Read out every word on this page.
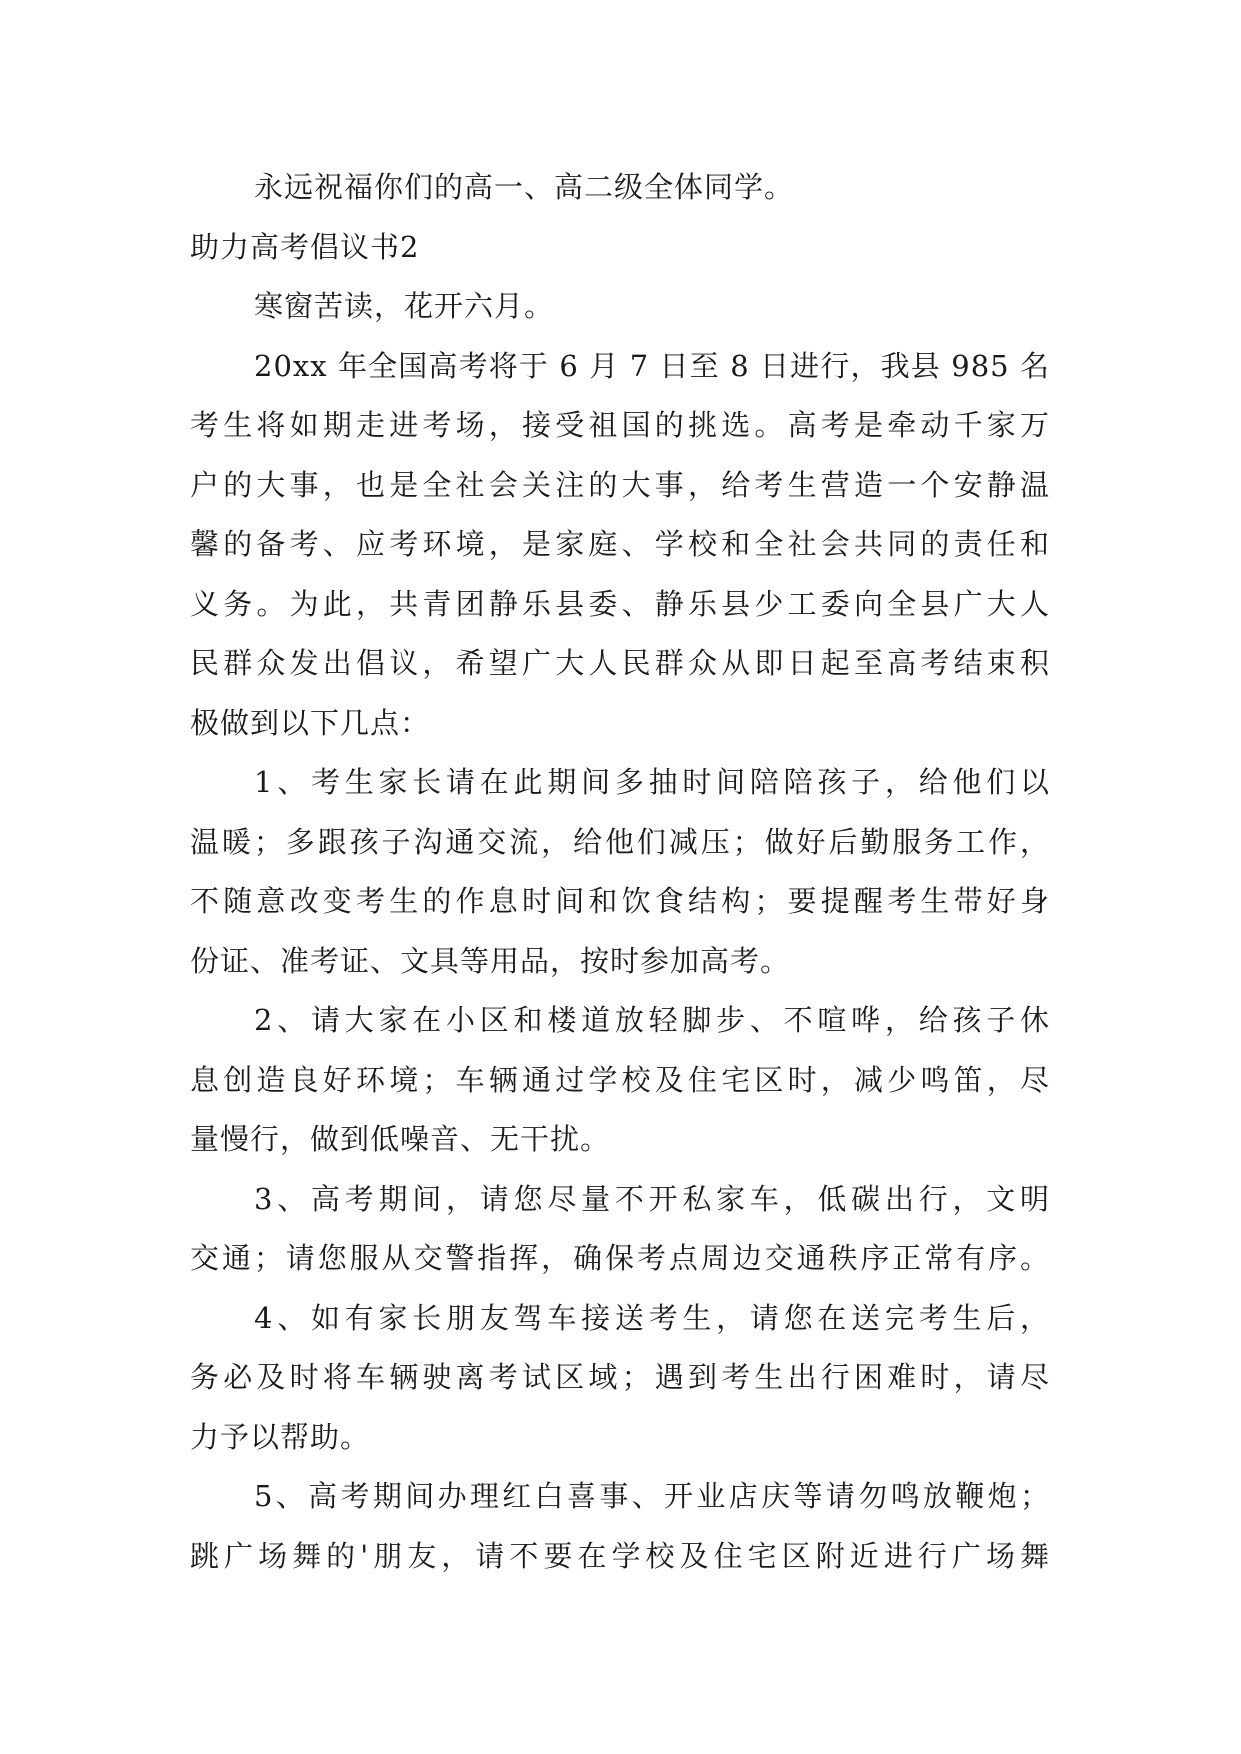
永远祝福你们的高一、高二级全体同学。
助力高考倡议书2
寒窗苦读，花开六月。
20xx 年全国高考将于 6 月 7 日至 8 日进行，我县 985 名
考生将如期走进考场，接受祖国的挑选。高考是牵动千家万
户的大事，也是全社会关注的大事，给考生营造一个安静温
馨的备考、应考环境，是家庭、学校和全社会共同的责任和
义务。为此，共青团静乐县委、静乐县少工委向全县广大人
民群众发出倡议，希望广大人民群众从即日起至高考结束积
极做到以下几点：
1、考生家长请在此期间多抽时间陪陪孩子，给他们以
温暖；多跟孩子沟通交流，给他们减压；做好后勤服务工作，
不随意改变考生的作息时间和饮食结构；要提醒考生带好身
份证、准考证、文具等用品，按时参加高考。
2、请大家在小区和楼道放轻脚步、不喧哗，给孩子休
息创造良好环境；车辆通过学校及住宅区时，减少鸣笛，尽
量慢行，做到低噪音、无干扰。
3、高考期间，请您尽量不开私家车，低碳出行，文明
交通；请您服从交警指挥，确保考点周边交通秩序正常有序。
4、如有家长朋友驾车接送考生，请您在送完考生后，
务必及时将车辆驶离考试区域；遇到考生出行困难时，请尽
力予以帮助。
5、高考期间办理红白喜事、开业店庆等请勿鸣放鞭炮；
跳广场舞的'朋友，请不要在学校及住宅区附近进行广场舞
